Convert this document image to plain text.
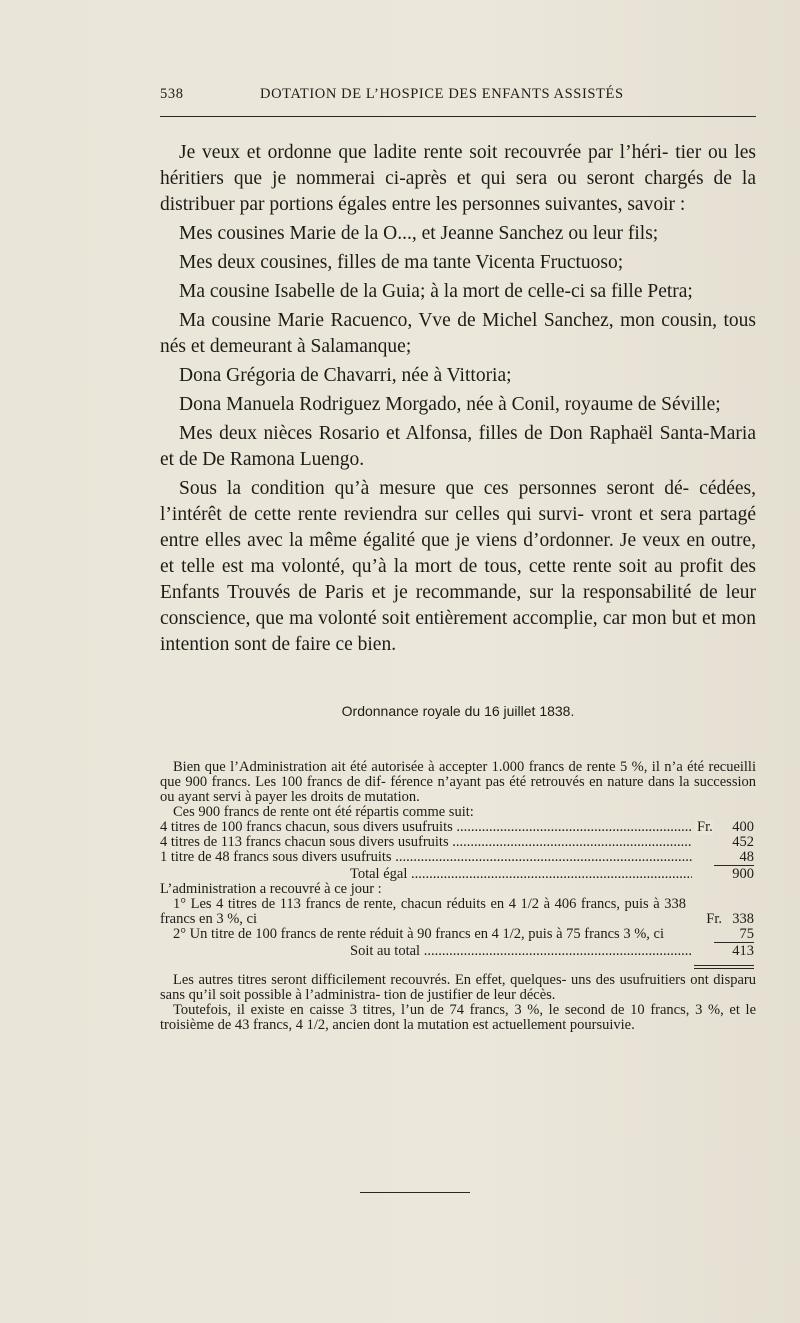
538	DOTATION DE L’HOSPICE DES ENFANTS ASSISTÉS

Je veux et ordonne que ladite rente soit recouvrée par l’héri- tier ou les héritiers que je nommerai ci-après et qui sera ou seront chargés de la distribuer par portions égales entre les personnes suivantes, savoir :

Mes cousines Marie de la O..., et Jeanne Sanchez ou leur fils;

Mes deux cousines, filles de ma tante Vicenta Fructuoso;

Ma cousine Isabelle de la Guia; à la mort de celle-ci sa fille Petra;

Ma cousine Marie Racuenco, Vve de Michel Sanchez, mon cousin, tous nés et demeurant à Salamanque;

Dona Grégoria de Chavarri, née à Vittoria;

Dona Manuela Rodriguez Morgado, née à Conil, royaume de Séville;

Mes deux nièces Rosario et Alfonsa, filles de Don Raphaël Santa-Maria et de De Ramona Luengo.

Sous la condition qu’à mesure que ces personnes seront dé- cédées, l’intérêt de cette rente reviendra sur celles qui survi- vront et sera partagé entre elles avec la même égalité que je viens d’ordonner. Je veux en outre, et telle est ma volonté, qu’à la mort de tous, cette rente soit au profit des Enfants Trouvés de Paris et je recommande, sur la responsabilité de leur conscience, que ma volonté soit entièrement accomplie, car mon but et mon intention sont de faire ce bien.

Ordonnance royale du 16 juillet 1838.

Bien que l’Administration ait été autorisée à accepter 1.000 francs de rente 5 %, il n’a été recueilli que 900 francs. Les 100 francs de dif- férence n’ayant pas été retrouvés en nature dans la succession ou ayant servi à payer les droits de mutation.

Ces 900 francs de rente ont été répartis comme suit:

4 titres de 100 francs chacun, sous divers usufruits .....	Fr.	400
4 titres de 113 francs chacun sous divers usufruits .....	452
1 titre de 48 francs sous divers usufruits .....	48
Total égal .....	900

L’administration a recouvré à ce jour :

1° Les 4 titres de 113 francs de rente, chacun réduits en 4 1/2 à 406 francs, puis à 338 francs en 3 %, ci	Fr. 338

2° Un titre de 100 francs de rente réduit à 90 francs en 4 1/2, puis à 75 francs 3 %, ci	75
Soit au total .....	413

Les autres titres seront difficilement recouvrés. En effet, quelques- uns des usufruitiers ont disparu sans qu’il soit possible à l’administra- tion de justifier de leur décès.

Toutefois, il existe en caisse 3 titres, l’un de 74 francs, 3 %, le second de 10 francs, 3 %, et le troisième de 43 francs, 4 1/2, ancien dont la mutation est actuellement poursuivie.
